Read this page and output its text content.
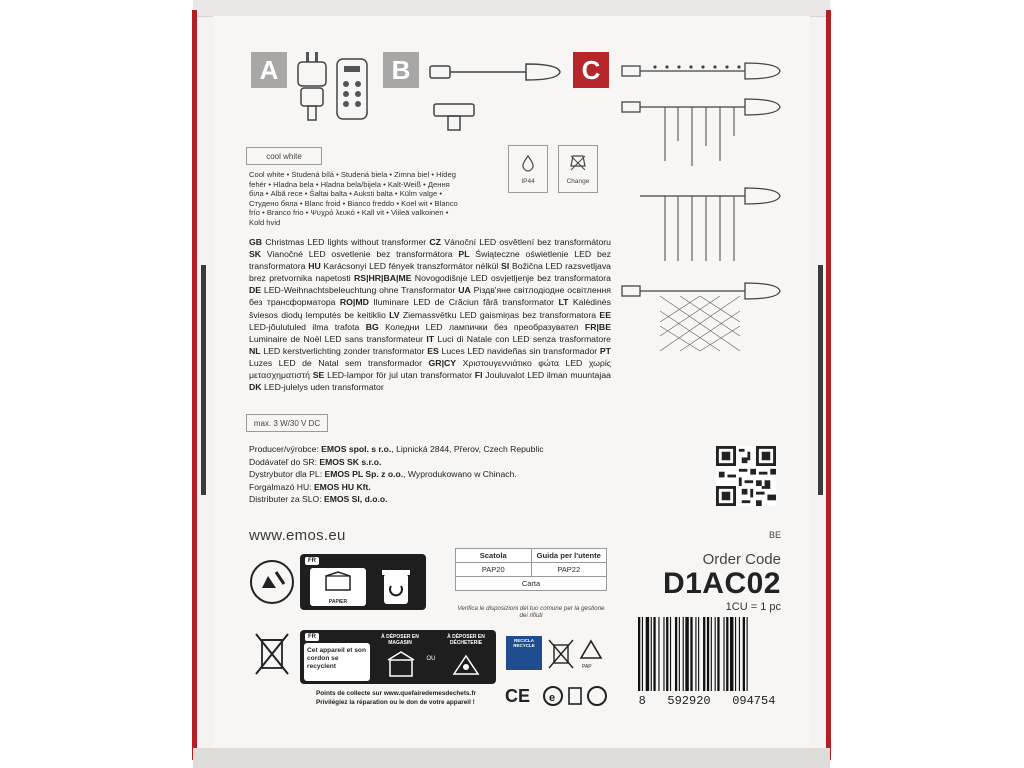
A	B	C
cool white
Cool white • Studená bílá • Studená biela • Zimna biel • Hideg fehér • Hladna bela • Hladna bela/bijela • Kalt-Weiß • Дення біла • Albă rece • Šaltai balta • Auksti balta • Külm valge • Студено бяла • Blanc froid • Bianco freddo • Koel wit • Blanco frío • Branco frio • Ψυχρό λευκό • Kall vit • Viileä valkoinen • Kold hvid
IP44	Change
GB Christmas LED lights without transformer CZ Vánoční LED osvětlení bez transformátoru SK Vianočné LED osvetlenie bez transformátora PL Świąteczne oświetlenie LED bez transformatora HU Karácsonyi LED fények transzformátor nélkül SI Božična LED razsvetljava brez pretvornika napetosti RS|HR|BA|ME Novogodišnje LED osvjetljenje bez transformatora DE LED-Weihnachtsbeleuchtung ohne Transformator UA Різдв'яне світлодіодне освітлення без трансформатора RO|MD Iluminare LED de Crăciun fără transformator LT Kalėdinės šviesos diodų lemputės be keitiklio LV Ziemassvētku LED gaismiņas bez transformatora EE LED-jõulutuled ilma trafota BG Коледни LED лампички без преобразувател FR|BE Luminaire de Noël LED sans transformateur IT Luci di Natale con LED senza trasformatore NL LED kerstverlichting zonder transformator ES Luces LED navideñas sin transformador PT Luzes LED de Natal sem transformador GR|CY Χριστουγεννιάτικο φώτα LED χωρίς μετασχηματιστή SE LED-lampor för jul utan transformator FI Jouluvalot LED ilman muuntajaa DK LED-julelys uden transformator
max. 3 W/30 V DC
Producer/výrobce: EMOS spol. s r.o., Lipnická 2844, Přerov, Czech Republic
Dodávateľ do SR: EMOS SK s.r.o.
Dystrybutor dla PL: EMOS PL Sp. z o.o., Wyprodukowano w Chinach.
Forgalmazó HU: EMOS HU Kft.
Distributer za SLO: EMOS SI, d.o.o.
www.emos.eu	BE
Order Code
D1AC02
1CU = 1 pc
8   592920   094754
FR
PAPIER
Scatola	Guida per l'utente
PAP20	PAP22
Carta
Verifica le disposizioni del tuo comune per la gestione dei rifiuti
FR
Cet appareil et son cordon se recyclent
À DÉPOSER EN MAGASIN
OU
À DÉPOSER EN DÉCHETERIE
Points de collecte sur www.quefairedemesdechets.fr
Privilégiez la réparation ou le don de votre appareil !
RECICLA RECYCLE
PAP
CE e
